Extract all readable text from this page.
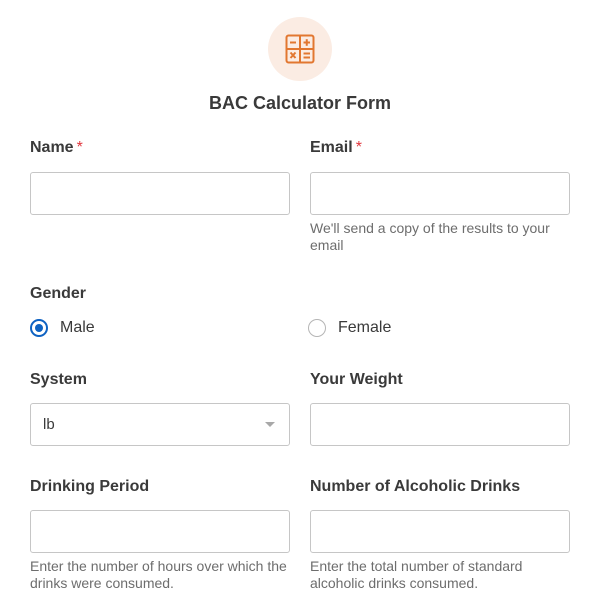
BAC Calculator Form
Name *	Email *
We'll send a copy of the results to your email
Gender
Male	Female
System
lb
Your Weight
Drinking Period
Enter the number of hours over which the drinks were consumed.
Number of Alcoholic Drinks
Enter the total number of standard alcoholic drinks consumed.
